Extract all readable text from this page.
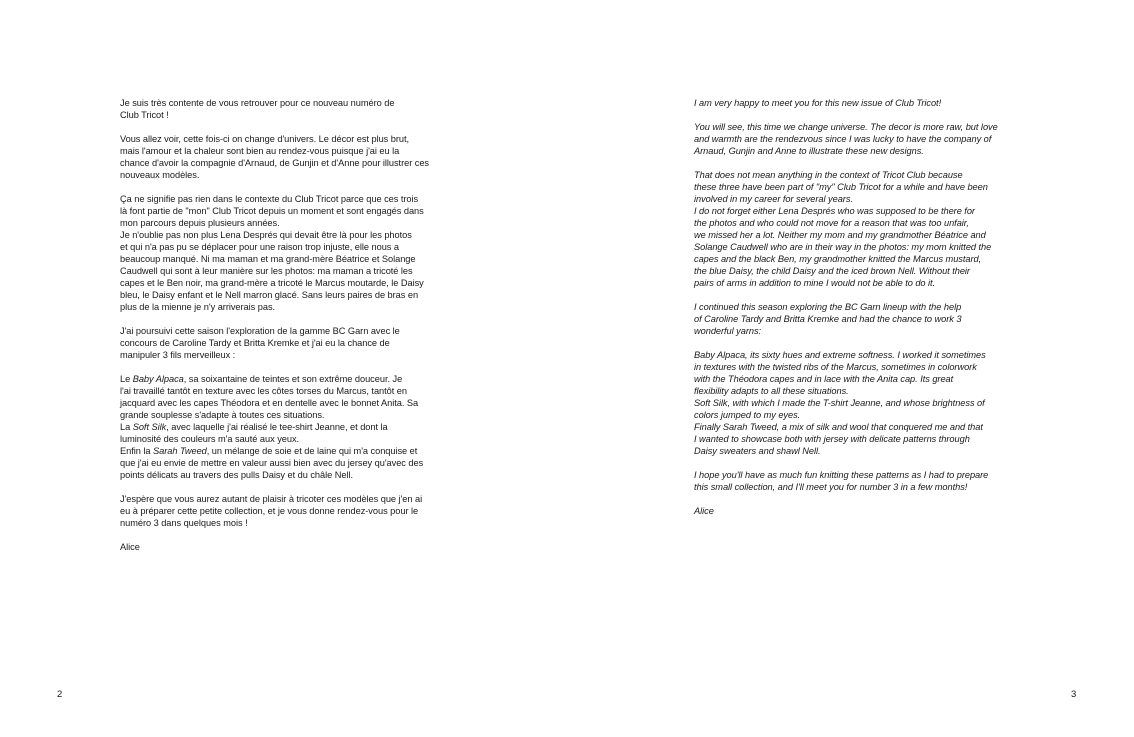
Je suis très contente de vous retrouver pour ce nouveau numéro de
Club Tricot !
Vous allez voir, cette fois-ci on change d'univers. Le décor est plus brut,
mais l'amour et la chaleur sont bien au rendez-vous puisque j'ai eu la
chance d'avoir la compagnie d'Arnaud, de Gunjin et d'Anne pour illustrer ces
nouveaux modèles.
Ça ne signifie pas rien dans le contexte du Club Tricot parce que ces trois
là font partie de "mon" Club Tricot depuis un moment et sont engagés dans
mon parcours depuis plusieurs années.
Je n'oublie pas non plus Lena Després qui devait être là pour les photos
et qui n'a pas pu se déplacer pour une raison trop injuste, elle nous a
beaucoup manqué. Ni ma maman et ma grand-mère Béatrice et Solange
Caudwell qui sont à leur manière sur les photos: ma maman a tricoté les
capes et le Ben noir, ma grand-mère a tricoté le Marcus moutarde, le Daisy
bleu, le Daisy enfant et le Nell marron glacé. Sans leurs paires de bras en
plus de la mienne je n'y arriverais pas.
J'ai poursuivi cette saison l'exploration de la gamme BC Garn avec le
concours de Caroline Tardy et Britta Kremke et j'ai eu la chance de
manipuler 3 fils merveilleux :
Le Baby Alpaca, sa soixantaine de teintes et son extrême douceur. Je
l'ai travaillé tantôt en texture avec les côtes torses du Marcus, tantôt en
jacquard avec les capes Théodora et en dentelle avec le bonnet Anita. Sa
grande souplesse s'adapte à toutes ces situations.
La Soft Silk, avec laquelle j'ai réalisé le tee-shirt Jeanne, et dont la
luminosité des couleurs m'a sauté aux yeux.
Enfin la Sarah Tweed, un mélange de soie et de laine qui m'a conquise et
que j'ai eu envie de mettre en valeur aussi bien avec du jersey qu'avec des
points délicats au travers des pulls Daisy et du châle Nell.
J'espère que vous aurez autant de plaisir à tricoter ces modèles que j'en ai
eu à préparer cette petite collection, et je vous donne rendez-vous pour le
numéro 3 dans quelques mois !
Alice
2
I am very happy to meet you for this new issue of Club Tricot!
You will see, this time we change universe. The decor is more raw, but love
and warmth are the rendezvous since I was lucky to have the company of
Arnaud, Gunjin and Anne to illustrate these new designs.
That does not mean anything in the context of Tricot Club because
these three have been part of "my" Club Tricot for a while and have been
involved in my career for several years.
I do not forget either Lena Després who was supposed to be there for
the photos and who could not move for a reason that was too unfair,
we missed her a lot. Neither my mom and my grandmother Béatrice and
Solange Caudwell who are in their way in the photos: my mom knitted the
capes and the black Ben, my grandmother knitted the Marcus mustard,
the blue Daisy, the child Daisy and the iced brown Nell. Without their
pairs of arms in addition to mine I would not be able to do it.
I continued this season exploring the BC Garn lineup with the help
of Caroline Tardy and Britta Kremke and had the chance to work 3
wonderful yarns:
Baby Alpaca, its sixty hues and extreme softness. I worked it sometimes
in textures with the twisted ribs of the Marcus, sometimes in colorwork
with the Théodora capes and in lace with the Anita cap. Its great
flexibility adapts to all these situations.
Soft Silk, with which I made the T-shirt Jeanne, and whose brightness of
colors jumped to my eyes.
Finally Sarah Tweed, a mix of silk and wool that conquered me and that
I wanted to showcase both with jersey with delicate patterns through
Daisy sweaters and shawl Nell.
I hope you'll have as much fun knitting these patterns as I had to prepare
this small collection, and I'll meet you for number 3 in a few months!
Alice
3
